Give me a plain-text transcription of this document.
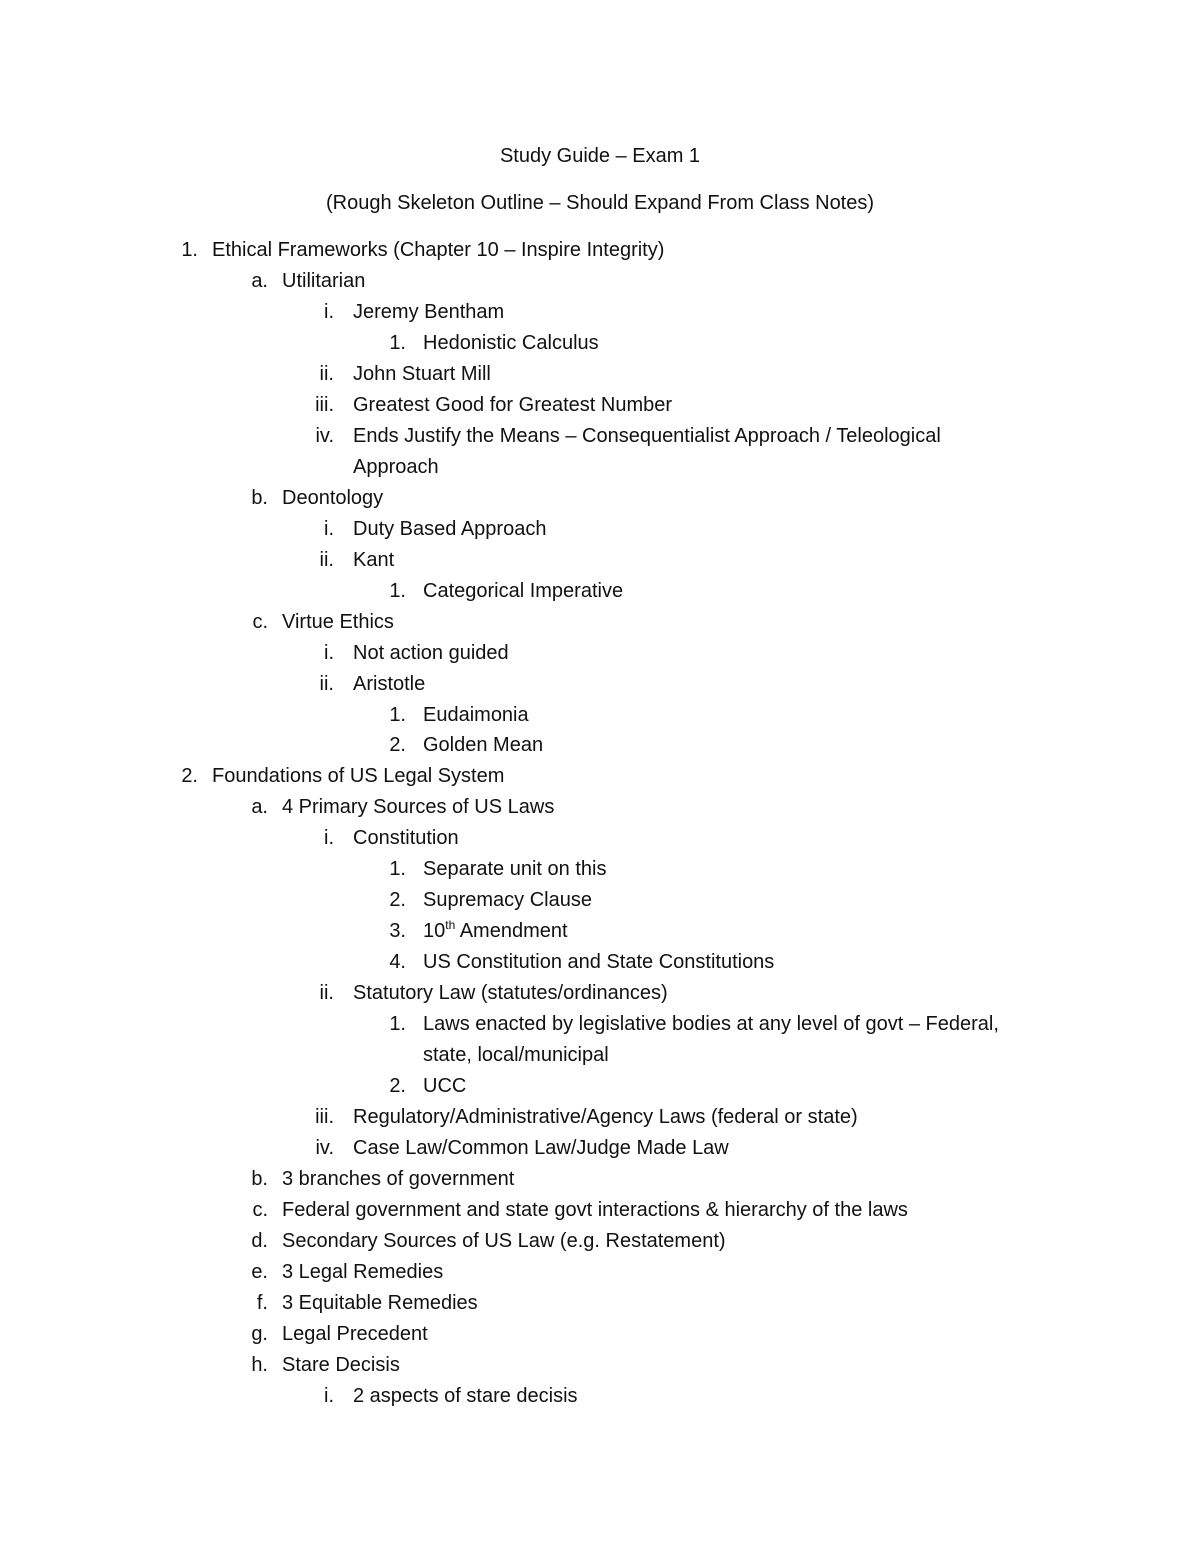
Study Guide – Exam 1
(Rough Skeleton Outline – Should Expand From Class Notes)
1. Ethical Frameworks (Chapter 10 – Inspire Integrity)
a. Utilitarian
i. Jeremy Bentham
1. Hedonistic Calculus
ii. John Stuart Mill
iii. Greatest Good for Greatest Number
iv. Ends Justify the Means – Consequentialist Approach / Teleological
Approach
b. Deontology
i. Duty Based Approach
ii. Kant
1. Categorical Imperative
c. Virtue Ethics
i. Not action guided
ii. Aristotle
1. Eudaimonia
2. Golden Mean
2. Foundations of US Legal System
a. 4 Primary Sources of US Laws
i. Constitution
1. Separate unit on this
2. Supremacy Clause
3. 10th Amendment
4. US Constitution and State Constitutions
ii. Statutory Law (statutes/ordinances)
1. Laws enacted by legislative bodies at any level of govt – Federal,
state, local/municipal
2. UCC
iii. Regulatory/Administrative/Agency Laws (federal or state)
iv. Case Law/Common Law/Judge Made Law
b. 3 branches of government
c. Federal government and state govt interactions & hierarchy of the laws
d. Secondary Sources of US Law (e.g. Restatement)
e. 3 Legal Remedies
f. 3 Equitable Remedies
g. Legal Precedent
h. Stare Decisis
i. 2 aspects of stare decisis
